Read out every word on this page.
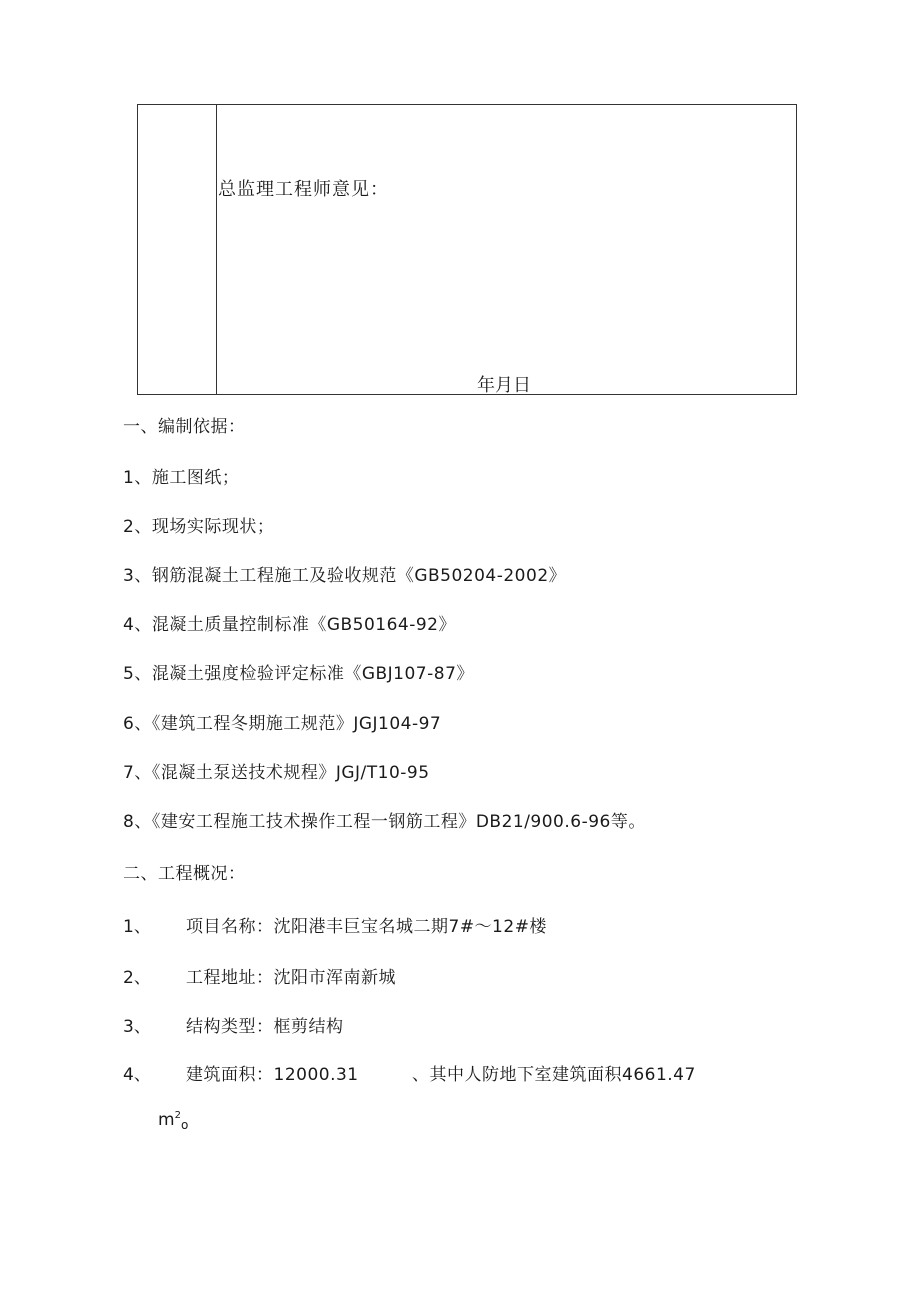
总监理工程师意见：
年月日
一、编制依据：
1、施工图纸；
2、现场实际现状；
3、钢筋混凝土工程施工及验收规范《GB50204-2002》
4、混凝土质量控制标准《GB50164-92》
5、混凝土强度检验评定标准《GBJ107-87》
6、《建筑工程冬期施工规范》JGJ104-97
7、《混凝土泵送技术规程》JGJ/T10-95
8、《建安工程施工技术操作工程一钢筋工程》DB21/900.6-96等。
二、工程概况：
1、 项目名称：沈阳港丰巨宝名城二期7#～12#楼
2、 工程地址：沈阳市浑南新城
3、 结构类型：框剪结构
4、 建筑面积：12000.31	、其中人防地下室建筑面积4661.47
$m^2_o$
